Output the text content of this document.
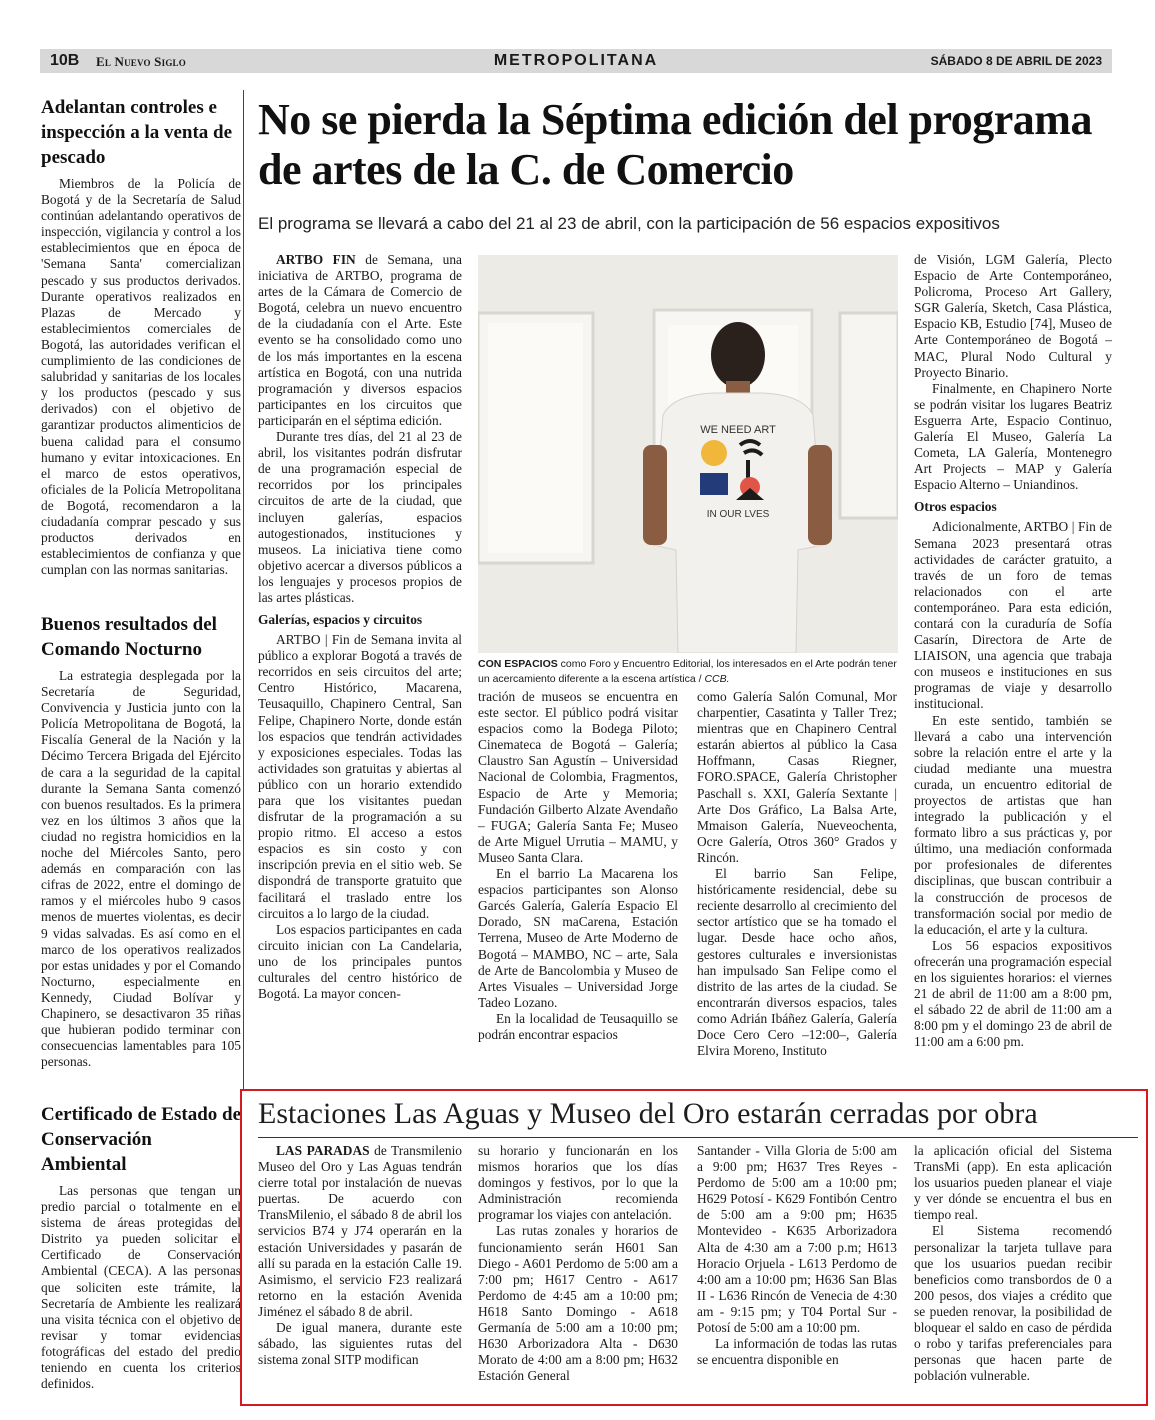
10B El Nuevo Siglo	METROPOLITANA	SÁBADO 8 DE ABRIL DE 2023
Adelantan controles e inspección a la venta de pescado

Miembros de la Policía de Bogotá y de la Secretaría de Salud continúan adelantando operativos de inspección, vigilancia y control a los establecimientos que en época de 'Semana Santa' comercializan pescado y sus productos derivados. Durante operativos realizados en Plazas de Mercado y establecimientos comerciales de Bogotá, las autoridades verifican el cumplimiento de las condiciones de salubridad y sanitarias de los locales y los productos (pescado y sus derivados) con el objetivo de garantizar productos alimenticios de buena calidad para el consumo humano y evitar intoxicaciones. En el marco de estos operativos, oficiales de la Policía Metropolitana de Bogotá, recomendaron a la ciudadanía comprar pescado y sus productos derivados en establecimientos de confianza y que cumplan con las normas sanitarias.

Buenos resultados del Comando Nocturno

La estrategia desplegada por la Secretaría de Seguridad, Convivencia y Justicia junto con la Policía Metropolitana de Bogotá, la Fiscalía General de la Nación y la Décimo Tercera Brigada del Ejército de cara a la seguridad de la capital durante la Semana Santa comenzó con buenos resultados. Es la primera vez en los últimos 3 años que la ciudad no registra homicidios en la noche del Miércoles Santo, pero además en comparación con las cifras de 2022, entre el domingo de ramos y el miércoles hubo 9 casos menos de muertes violentas, es decir 9 vidas salvadas. Es así como en el marco de los operativos realizados por estas unidades y por el Comando Nocturno, especialmente en Kennedy, Ciudad Bolívar y Chapinero, se desactivaron 35 riñas que hubieran podido terminar con consecuencias lamentables para 105 personas.

Certificado de Estado de Conservación Ambiental

Las personas que tengan un predio parcial o totalmente en el sistema de áreas protegidas del Distrito ya pueden solicitar el Certificado de Conservación Ambiental (CECA). A las personas que soliciten este trámite, la Secretaría de Ambiente les realizará una visita técnica con el objetivo de revisar y tomar evidencias fotográficas del estado del predio teniendo en cuenta los criterios definidos.

No se pierda la Séptima edición del programa de artes de la C. de Comercio
El programa se llevará a cabo del 21 al 23 de abril, con la participación de 56 espacios expositivos

ARTBO FIN de Semana, una iniciativa de ARTBO, programa de artes de la Cámara de Comercio de Bogotá, celebra un nuevo encuentro de la ciudadanía con el Arte. Este evento se ha consolidado como uno de los más importantes en la escena artística en Bogotá, con una nutrida programación y diversos espacios participantes en los circuitos que participarán en el séptima edición.

Durante tres días, del 21 al 23 de abril, los visitantes podrán disfrutar de una programación especial de recorridos por los principales circuitos de arte de la ciudad, que incluyen galerías, espacios autogestionados, instituciones y museos. La iniciativa tiene como objetivo acercar a diversos públicos a los lenguajes y procesos propios de las artes plásticas.

Galerías, espacios y circuitos

ARTBO | Fin de Semana invita al público a explorar Bogotá a través de recorridos en seis circuitos del arte; Centro Histórico, Macarena, Teusaquillo, Chapinero Central, San Felipe, Chapinero Norte, donde están los espacios que tendrán actividades y exposiciones especiales. Todas las actividades son gratuitas y abiertas al público con un horario extendido para que los visitantes puedan disfrutar de la programación a su propio ritmo. El acceso a estos espacios es sin costo y con inscripción previa en el sitio web. Se dispondrá de transporte gratuito que facilitará el traslado entre los circuitos a lo largo de la ciudad.

Los espacios participantes en cada circuito inician con La Candelaria, uno de los principales puntos culturales del centro histórico de Bogotá. La mayor concen-

WE NEED ART
IN OUR LVES
CON ESPACIOS como Foro y Encuentro Editorial, los interesados en el Arte podrán tener un acercamiento diferente a la escena artística / CCB.

tración de museos se encuentra en este sector. El público podrá visitar espacios como la Bodega Piloto; Cinemateca de Bogotá – Galería; Claustro San Agustín – Universidad Nacional de Colombia, Fragmentos, Espacio de Arte y Memoria; Fundación Gilberto Alzate Avendaño – FUGA; Galería Santa Fe; Museo de Arte Miguel Urrutia – MAMU, y Museo Santa Clara.

En el barrio La Macarena los espacios participantes son Alonso Garcés Galería, Galería Espacio El Dorado, SN maCarena, Estación Terrena, Museo de Arte Moderno de Bogotá – MAMBO, NC – arte, Sala de Arte de Bancolombia y Museo de Artes Visuales – Universidad Jorge Tadeo Lozano.

En la localidad de Teusaquillo se podrán encontrar espacios

como Galería Salón Comunal, Mor charpentier, Casatinta y Taller Trez; mientras que en Chapinero Central estarán abiertos al público la Casa Hoffmann, Casas Riegner, FORO.SPACE, Galería Christopher Paschall s. XXI, Galería Sextante | Arte Dos Gráfico, La Balsa Arte, Mmaison Galería, Nueveochenta, Ocre Galería, Otros 360° Grados y Rincón.

El barrio San Felipe, históricamente residencial, debe su reciente desarrollo al crecimiento del sector artístico que se ha tomado el lugar. Desde hace ocho años, gestores culturales e inversionistas han impulsado San Felipe como el distrito de las artes de la ciudad. Se encontrarán diversos espacios, tales como Adrián Ibáñez Galería, Galería Doce Cero Cero –12:00–, Galería Elvira Moreno, Instituto

de Visión, LGM Galería, Plecto Espacio de Arte Contemporáneo, Policroma, Proceso Art Gallery, SGR Galería, Sketch, Casa Plástica, Espacio KB, Estudio [74], Museo de Arte Contemporáneo de Bogotá – MAC, Plural Nodo Cultural y Proyecto Binario.

Finalmente, en Chapinero Norte se podrán visitar los lugares Beatriz Esguerra Arte, Espacio Continuo, Galería El Museo, Galería La Cometa, LA Galería, Montenegro Art Projects – MAP y Galería Espacio Alterno – Uniandinos.

Otros espacios

Adicionalmente, ARTBO | Fin de Semana 2023 presentará otras actividades de carácter gratuito, a través de un foro de temas relacionados con el arte contemporáneo. Para esta edición, contará con la curaduría de Sofía Casarín, Directora de Arte de LIAISON, una agencia que trabaja con museos e instituciones en sus programas de viaje y desarrollo institucional.

En este sentido, también se llevará a cabo una intervención sobre la relación entre el arte y la ciudad mediante una muestra curada, un encuentro editorial de proyectos de artistas que han integrado la publicación y el formato libro a sus prácticas y, por último, una mediación conformada por profesionales de diferentes disciplinas, que buscan contribuir a la construcción de procesos de transformación social por medio de la educación, el arte y la cultura.

Los 56 espacios expositivos ofrecerán una programación especial en los siguientes horarios: el viernes 21 de abril de 11:00 am a 8:00 pm, el sábado 22 de abril de 11:00 am a 8:00 pm y el domingo 23 de abril de 11:00 am a 6:00 pm.

Estaciones Las Aguas y Museo del Oro estarán cerradas por obra

LAS PARADAS de Transmilenio Museo del Oro y Las Aguas tendrán cierre total por instalación de nuevas puertas. De acuerdo con TransMilenio, el sábado 8 de abril los servicios B74 y J74 operarán en la estación Universidades y pasarán de allí su parada en la estación Calle 19. Asimismo, el servicio F23 realizará retorno en la estación Avenida Jiménez el sábado 8 de abril.

De igual manera, durante este sábado, las siguientes rutas del sistema zonal SITP modifican

su horario y funcionarán en los mismos horarios que los días domingos y festivos, por lo que la Administración recomienda programar los viajes con antelación.

Las rutas zonales y horarios de funcionamiento serán H601 San Diego - A601 Perdomo de 5:00 am a 7:00 pm; H617 Centro - A617 Perdomo de 4:45 am a 10:00 pm; H618 Santo Domingo - A618 Germanía de 5:00 am a 10:00 pm; H630 Arborizadora Alta - D630 Morato de 4:00 am a 8:00 pm; H632 Estación General

Santander - Villa Gloria de 5:00 am a 9:00 pm; H637 Tres Reyes - Perdomo de 5:00 am a 10:00 pm; H629 Potosí - K629 Fontibón Centro de 5:00 am a 9:00 pm; H635 Montevideo - K635 Arborizadora Alta de 4:30 am a 7:00 p.m; H613 Horacio Orjuela - L613 Perdomo de 4:00 am a 10:00 pm; H636 San Blas II - L636 Rincón de Venecia de 4:30 am - 9:15 pm; y T04 Portal Sur - Potosí de 5:00 am a 10:00 pm.

La información de todas las rutas se encuentra disponible en

la aplicación oficial del Sistema TransMi (app). En esta aplicación los usuarios pueden planear el viaje y ver dónde se encuentra el bus en tiempo real.

El Sistema recomendó personalizar la tarjeta tullave para que los usuarios puedan recibir beneficios como transbordos de 0 a 200 pesos, dos viajes a crédito que se pueden renovar, la posibilidad de bloquear el saldo en caso de pérdida o robo y tarifas preferenciales para personas que hacen parte de población vulnerable.
